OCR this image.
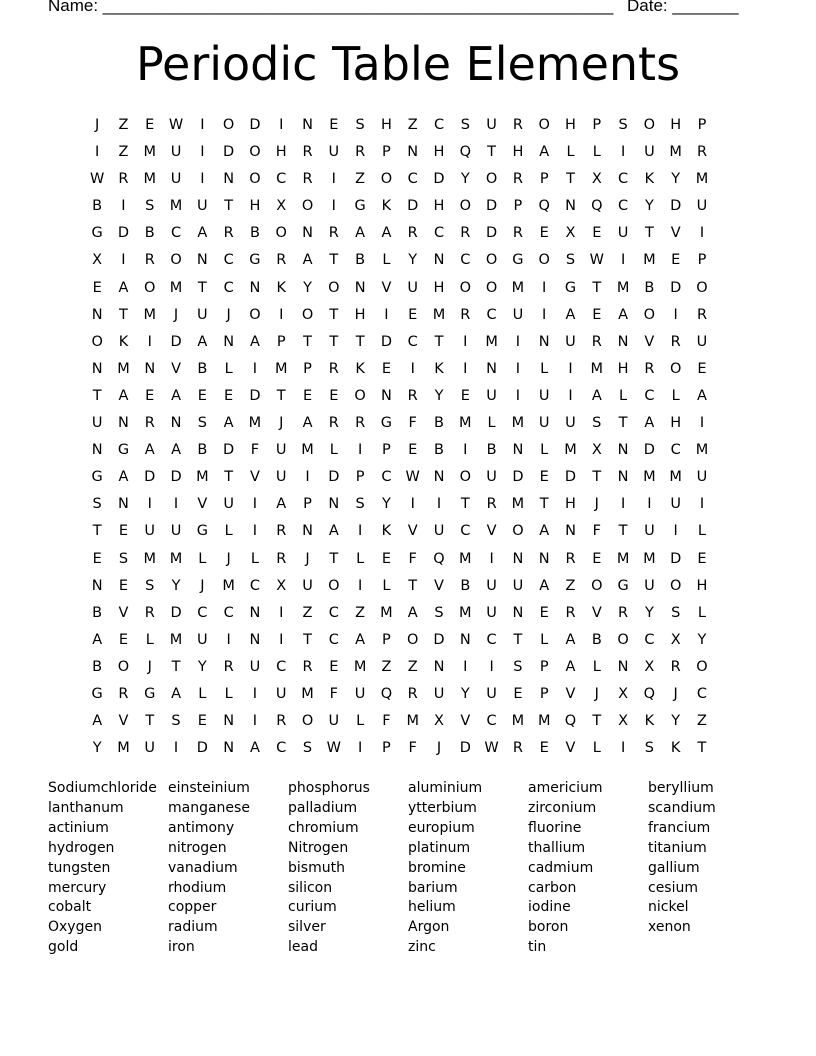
Name: ______________________________________________________ Date: _______
Periodic Table Elements
J Z E W I O D I N E S H Z C S U R O H P S O H P
I Z M U I D O H R U R P N H Q T H A L L I U M R
W R M U I N O C R I Z O C D Y O R P T X C K Y M
B I S M U T H X O I G K D H O D P Q N Q C Y D U
G D B C A R B O N R A A R C R D R E X E U T V I
X I R O N C G R A T B L Y N C O G O S W I M E P
E A O M T C N K Y O N V U H O O M I G T M B D O
N T M J U J O I O T H I E M R C U I A E A O I R
O K I D A N A P T T T D C T I M I N U R N V R U
N M N V B L I M P R K E I K I N I L I M H R O E
T A E A E E D T E E O N R Y E U I U I A L C L A
U N R N S A M J A R R G F B M L M U U S T A H I
N G A A B D F U M L I P E B I B N L M X N D C M
G A D D M T V U I D P C W N O U D E D T N M M U
S N I I V U I A P N S Y I I T R M T H J I I U I
T E U U G L I R N A I K V U C V O A N F T U I L
E S M M L J L R J T L E F Q M I N N R E M M D E
N E S Y J M C X U O I L T V B U U A Z O G U O H
B V R D C C N I Z C Z M A S M U N E R V R Y S L
A E L M U I N I T C A P O D N C T L A B O C X Y
B O J T Y R U C R E M Z Z N I I S P A L N X R O
G R G A L L I U M F U Q R U Y U E P V J X Q J C
A V T S E N I R O U L F M X V C M M Q T X K Y Z
Y M U I D N A C S W I P F J D W R E V L I S K T
Sodiumchloride
lanthanum
actinium
hydrogen
tungsten
mercury
cobalt
Oxygen
gold
einsteinium
manganese
antimony
nitrogen
vanadium
rhodium
copper
radium
iron
phosphorus
palladium
chromium
Nitrogen
bismuth
silicon
curium
silver
lead
aluminium
ytterbium
europium
platinum
bromine
barium
helium
Argon
zinc
americium
zirconium
fluorine
thallium
cadmium
carbon
iodine
boron
tin
beryllium
scandium
francium
titanium
gallium
cesium
nickel
xenon
